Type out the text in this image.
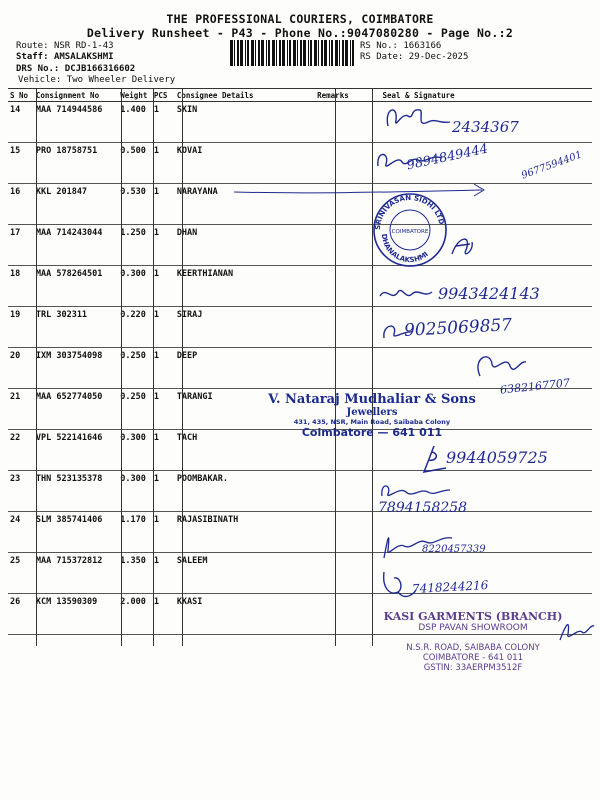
THE PROFESSIONAL COURIERS, COIMBATORE
Delivery Runsheet - P43 - Phone No.:9047080280 - Page No.:2
Route: NSR RD-1-43
Staff: AMSALAKSHMI
DRS No.: DCJB166316602
Vehicle: Two Wheeler Delivery
RS No.: 1663166
RS Date: 29-Dec-2025
S No	Consignment No	Weight	PCS	Consignee Details	Remarks	Seal & Signature
14	MAA 714944586	1.400	1	SKIN		
15	PRO 18758751	0.500	1	KOVAI		
16	KKL 201847	0.530	1	NARAYANA		
17	MAA 714243044	1.250	1	DHAN		
18	MAA 578264501	0.300	1	KEERTHIANAN		
19	TRL 302311	0.220	1	SIRAJ		
20	IXM 303754098	0.250	1	DEEP		
21	MAA 652774050	0.250	1	TARANGI		
22	VPL 522141646	0.300	1	TACH		
23	THN 523135378	0.300	1	POOMBAKAR.		
24	SLM 385741406	1.170	1	RAJASIBINATH		
25	MAA 715372812	1.350	1	SALEEM		
26	KCM 13590309	2.000	1	KKASI		
2434367
9894849444	9677594401
SRINIVASAN SIDHI LTD
DHANALAKSHMI
COIMBATORE
9943424143
9025069857
6382167707
V. Nataraj Mudhaliar & Sons
Jewellers
431, 435, NSR, Main Road, Saibaba Colony
Coimbatore — 641 011
9944059725
7894158258
8220457339
7418244216
KASI GARMENTS (BRANCH)
DSP PAVAN SHOWROOM
N.S.R. ROAD, SAIBABA COLONY
COIMBATORE - 641 011
GSTIN: 33AERPM3512F
